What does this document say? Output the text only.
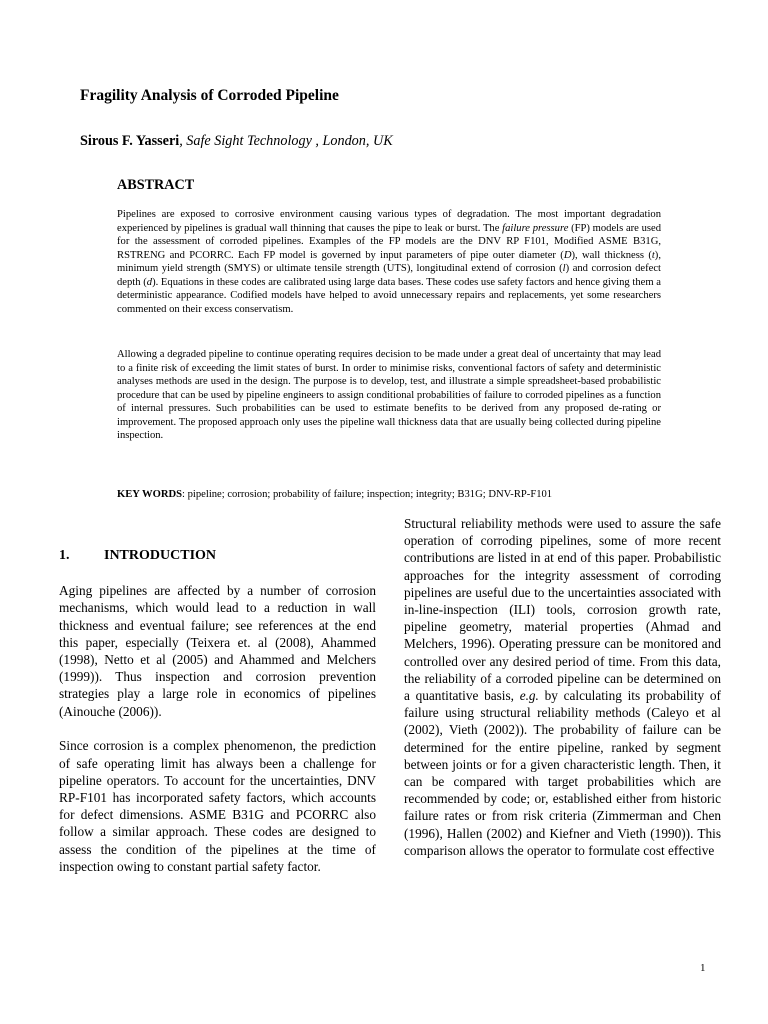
Fragility Analysis of Corroded Pipeline
Sirous F. Yasseri, Safe Sight Technology , London, UK
ABSTRACT
Pipelines are exposed to corrosive environment causing various types of degradation. The most important degradation experienced by pipelines is gradual wall thinning that causes the pipe to leak or burst. The failure pressure (FP) models are used for the assessment of corroded pipelines. Examples of the FP models are the DNV RP F101, Modified ASME B31G, RSTRENG and PCORRC. Each FP model is governed by input parameters of pipe outer diameter (D), wall thickness (t), minimum yield strength (SMYS) or ultimate tensile strength (UTS), longitudinal extend of corrosion (l) and corrosion defect depth (d). Equations in these codes are calibrated using large data bases. These codes use safety factors and hence giving them a deterministic appearance. Codified models have helped to avoid unnecessary repairs and replacements, yet some researchers commented on their excess conservatism.
Allowing a degraded pipeline to continue operating requires decision to be made under a great deal of uncertainty that may lead to a finite risk of exceeding the limit states of burst. In order to minimise risks, conventional factors of safety and deterministic analyses methods are used in the design. The purpose is to develop, test, and illustrate a simple spreadsheet-based probabilistic procedure that can be used by pipeline engineers to assign conditional probabilities of failure to corroded pipelines as a function of internal pressures. Such probabilities can be used to estimate benefits to be derived from any proposed de-rating or improvement. The proposed approach only uses the pipeline wall thickness data that are usually being collected during pipeline inspection.
KEY WORDS: pipeline; corrosion; probability of failure; inspection; integrity; B31G; DNV-RP-F101
1. INTRODUCTION

Aging pipelines are affected by a number of corrosion mechanisms, which would lead to a reduction in wall thickness and eventual failure; see references at the end this paper, especially (Teixera et. al (2008), Ahammed (1998), Netto et al (2005) and Ahammed and Melchers (1999)). Thus inspection and corrosion prevention strategies play a large role in economics of pipelines (Ainouche (2006)).

Since corrosion is a complex phenomenon, the prediction of safe operating limit has always been a challenge for pipeline operators. To account for the uncertainties, DNV RP-F101 has incorporated safety factors, which accounts for defect dimensions. ASME B31G and PCORRC also follow a similar approach. These codes are designed to assess the condition of the pipelines at the time of inspection owing to constant partial safety factor.

Structural reliability methods were used to assure the safe operation of corroding pipelines, some of more recent contributions are listed in at end of this paper. Probabilistic approaches for the integrity assessment of corroding pipelines are useful due to the uncertainties associated with in-line-inspection (ILI) tools, corrosion growth rate, pipeline geometry, material properties (Ahmad and Melchers, 1996). Operating pressure can be monitored and controlled over any desired period of time. From this data, the reliability of a corroded pipeline can be determined on a quantitative basis, e.g. by calculating its probability of failure using structural reliability methods (Caleyo et al (2002), Vieth (2002)). The probability of failure can be determined for the entire pipeline, ranked by segment between joints or for a given characteristic length. Then, it can be compared with target probabilities which are recommended by code; or, established either from historic failure rates or from risk criteria (Zimmerman and Chen (1996), Hallen (2002) and Kiefner and Vieth (1990)). This comparison allows the operator to formulate cost effective

1
